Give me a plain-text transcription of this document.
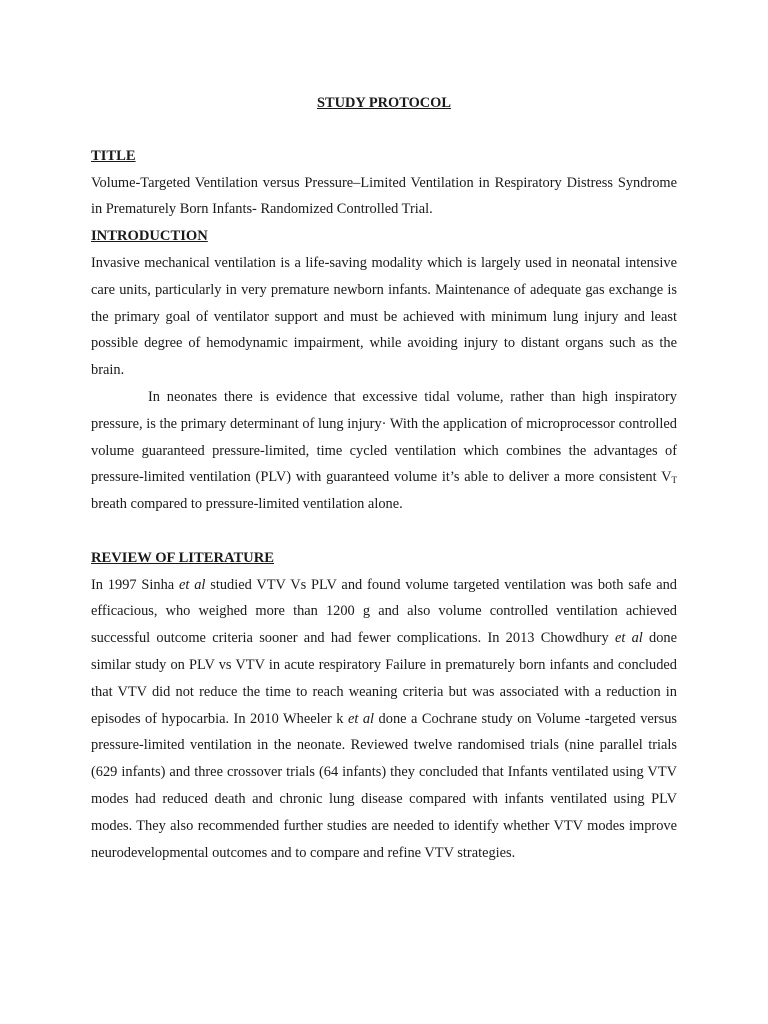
STUDY PROTOCOL
TITLE

Volume-Targeted Ventilation versus Pressure–Limited Ventilation in Respiratory Distress Syndrome in Prematurely Born Infants- Randomized Controlled Trial.

INTRODUCTION

Invasive mechanical ventilation is a life-saving modality which is largely used in neonatal intensive care units, particularly in very premature newborn infants. Maintenance of adequate gas exchange is the primary goal of ventilator support and must be achieved with minimum lung injury and least possible degree of hemodynamic impairment, while avoiding injury to distant organs such as the brain.

In neonates there is evidence that excessive tidal volume, rather than high inspiratory pressure, is the primary determinant of lung injury· With the application of microprocessor controlled volume guaranteed pressure-limited, time cycled ventilation which combines the advantages of pressure-limited ventilation (PLV) with guaranteed volume it’s able to deliver a more consistent $V_T$ breath compared to pressure-limited ventilation alone.

REVIEW OF LITERATURE

In 1997 Sinha et al studied VTV Vs PLV and found volume targeted ventilation was both safe and efficacious, who weighed more than 1200 g and also volume controlled ventilation achieved successful outcome criteria sooner and had fewer complications. In 2013 Chowdhury et al done similar study on PLV vs VTV in acute respiratory Failure in prematurely born infants and concluded that VTV did not reduce the time to reach weaning criteria but was associated with a reduction in episodes of hypocarbia. In 2010 Wheeler k et al done a Cochrane study on Volume -targeted versus pressure-limited ventilation in the neonate. Reviewed twelve randomised trials (nine parallel trials (629 infants) and three crossover trials (64 infants) they concluded that Infants ventilated using VTV modes had reduced death and chronic lung disease compared with infants ventilated using PLV modes. They also recommended further studies are needed to identify whether VTV modes improve neurodevelopmental outcomes and to compare and refine VTV strategies.
